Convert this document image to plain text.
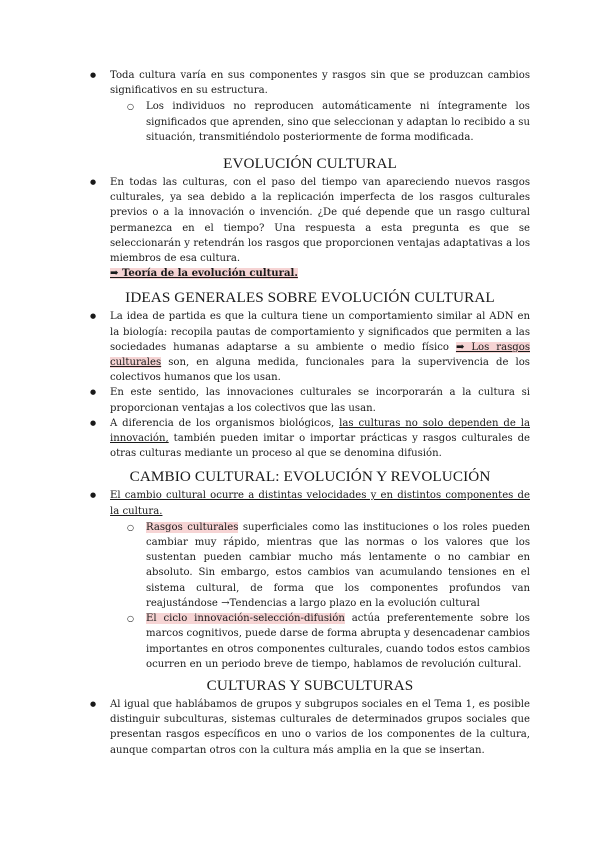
● Toda cultura varía en sus componentes y rasgos sin que se produzcan cambios significativos en su estructura.
○ Los individuos no reproducen automáticamente ni íntegramente los significados que aprenden, sino que seleccionan y adaptan lo recibido a su situación, transmitiéndolo posteriormente de forma modificada.
EVOLUCIÓN CULTURAL
● En todas las culturas, con el paso del tiempo van apareciendo nuevos rasgos culturales, ya sea debido a la replicación imperfecta de los rasgos culturales previos o a la innovación o invención. ¿De qué depende que un rasgo cultural permanezca en el tiempo? Una respuesta a esta pregunta es que se seleccionarán y retendrán los rasgos que proporcionen ventajas adaptativas a los miembros de esa cultura.
➡ Teoría de la evolución cultural.
IDEAS GENERALES SOBRE EVOLUCIÓN CULTURAL
● La idea de partida es que la cultura tiene un comportamiento similar al ADN en la biología: recopila pautas de comportamiento y significados que permiten a las sociedades humanas adaptarse a su ambiente o medio físico ➡ Los rasgos culturales son, en alguna medida, funcionales para la supervivencia de los colectivos humanos que los usan.
● En este sentido, las innovaciones culturales se incorporarán a la cultura si proporcionan ventajas a los colectivos que las usan.
● A diferencia de los organismos biológicos, las culturas no solo dependen de la innovación, también pueden imitar o importar prácticas y rasgos culturales de otras culturas mediante un proceso al que se denomina difusión.
CAMBIO CULTURAL: EVOLUCIÓN Y REVOLUCIÓN
● El cambio cultural ocurre a distintas velocidades y en distintos componentes de la cultura.
○ Rasgos culturales superficiales como las instituciones o los roles pueden cambiar muy rápido, mientras que las normas o los valores que los sustentan pueden cambiar mucho más lentamente o no cambiar en absoluto. Sin embargo, estos cambios van acumulando tensiones en el sistema cultural, de forma que los componentes profundos van reajustándose →Tendencias a largo plazo en la evolución cultural
○ El ciclo innovación-selección-difusión actúa preferentemente sobre los marcos cognitivos, puede darse de forma abrupta y desencadenar cambios importantes en otros componentes culturales, cuando todos estos cambios ocurren en un periodo breve de tiempo, hablamos de revolución cultural.
CULTURAS Y SUBCULTURAS
● Al igual que hablábamos de grupos y subgrupos sociales en el Tema 1, es posible distinguir subculturas, sistemas culturales de determinados grupos sociales que presentan rasgos específicos en uno o varios de los componentes de la cultura, aunque compartan otros con la cultura más amplia en la que se insertan.
